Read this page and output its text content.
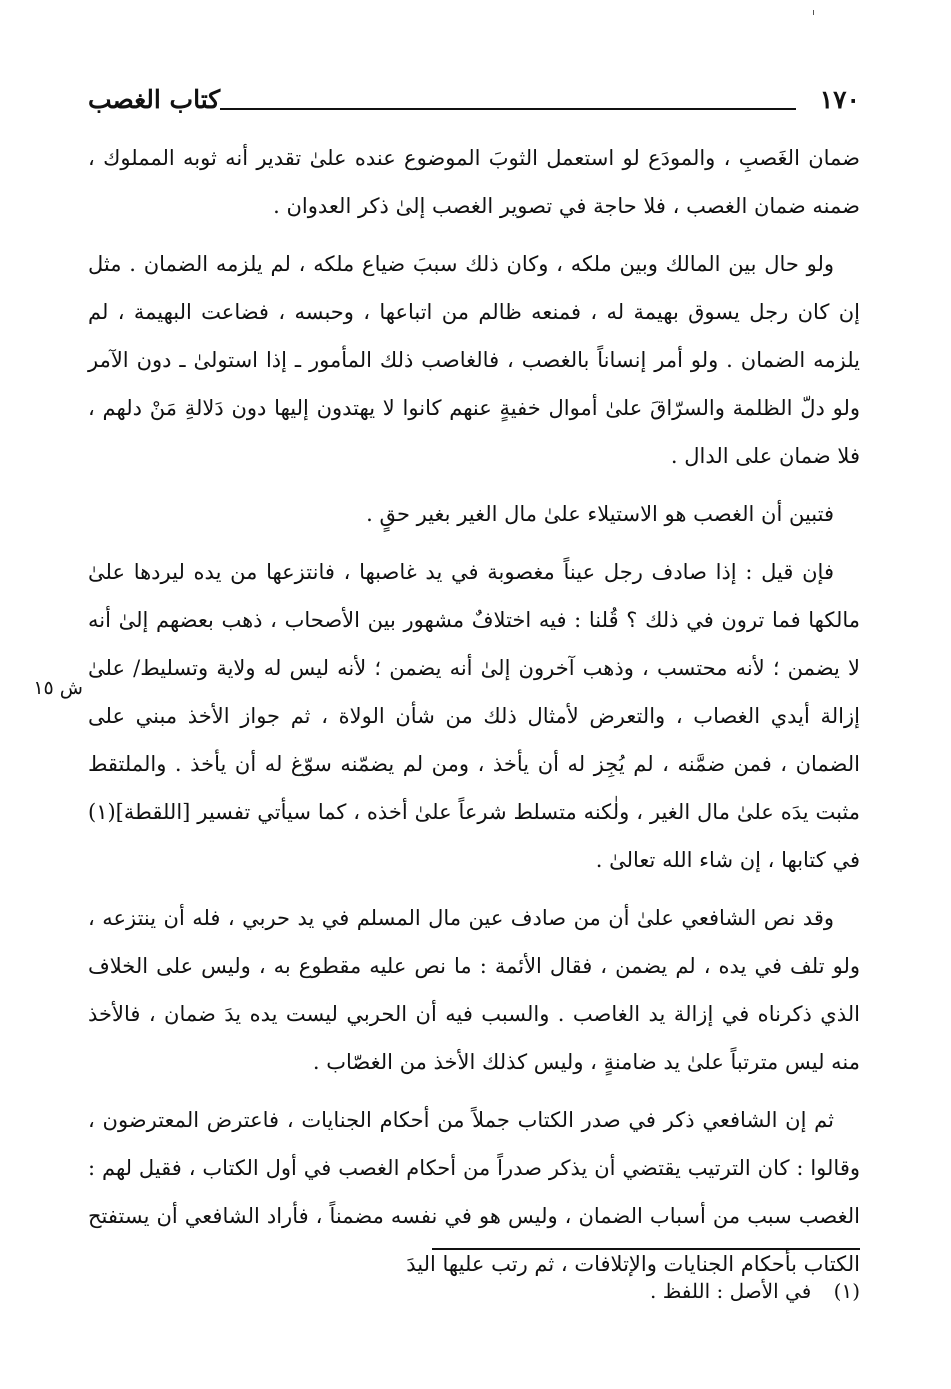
١٧٠
كتاب الغصب

ضمان الغَصبِ ، والمودَع لو استعمل الثوبَ الموضوع عنده علىٰ تقدير أنه ثوبه المملوك ، ضمنه ضمان الغصب ، فلا حاجة في تصوير الغصب إلىٰ ذكر العدوان .

ولو حال بين المالك وبين ملكه ، وكان ذلك سببَ ضياع ملكه ، لم يلزمه الضمان . مثل إن كان رجل يسوق بهيمة له ، فمنعه ظالم من اتباعها ، وحبسه ، فضاعت البهيمة ، لم يلزمه الضمان . ولو أمر إنساناً بالغصب ، فالغاصب ذلك المأمور ـ إذا استولىٰ ـ دون الآمر ولو دلّ الظلمة والسرّاقَ علىٰ أموال خفيةٍ عنهم كانوا لا يهتدون إليها دون دَلالةِ مَنْ دلهم ، فلا ضمان على الدال .

فتبين أن الغصب هو الاستيلاء علىٰ مال الغير بغير حقٍ .

فإن قيل : إذا صادف رجل عيناً مغصوبة في يد غاصبها ، فانتزعها من يده ليردها علىٰ مالكها فما ترون في ذلك ؟ قُلنا : فيه اختلافٌ مشهور بين الأصحاب ، ذهب بعضهم إلىٰ أنه لا يضمن ؛ لأنه محتسب ، وذهب آخرون إلىٰ أنه يضمن ؛ لأنه ليس له ولاية وتسليط/ علىٰ إزالة أيدي الغصاب ، والتعرض لأمثال ذلك من شأن الولاة ، ثم جواز الأخذ مبني على الضمان ، فمن ضمَّنه ، لم يُجِز له أن يأخذ ، ومن لم يضمّنه سوّغ له أن يأخذ . والملتقط مثبت يدَه علىٰ مال الغير ، ولٰكنه متسلط شرعاً علىٰ أخذه ، كما سيأتي تفسير [اللقطة](١) في كتابها ، إن شاء الله تعالىٰ .

وقد نص الشافعي علىٰ أن من صادف عين مال المسلم في يد حربي ، فله أن ينتزعه ، ولو تلف في يده ، لم يضمن ، فقال الأئمة : ما نص عليه مقطوع به ، وليس على الخلاف الذي ذكرناه في إزالة يد الغاصب . والسبب فيه أن الحربي ليست يده يدَ ضمان ، فالأخذ منه ليس مترتباً علىٰ يد ضامنةٍ ، وليس كذلك الأخذ من الغصّاب .

ثم إن الشافعي ذكر في صدر الكتاب جملاً من أحكام الجنايات ، فاعترض المعترضون ، وقالوا : كان الترتيب يقتضي أن يذكر صدراً من أحكام الغصب في أول الكتاب ، فقيل لهم : الغصب سبب من أسباب الضمان ، وليس هو في نفسه مضمناً ، فأراد الشافعي أن يستفتح الكتاب بأحكام الجنايات والإتلافات ، ثم رتب عليها اليدَ

ش ١٥
(١) في الأصل : اللفظ .
